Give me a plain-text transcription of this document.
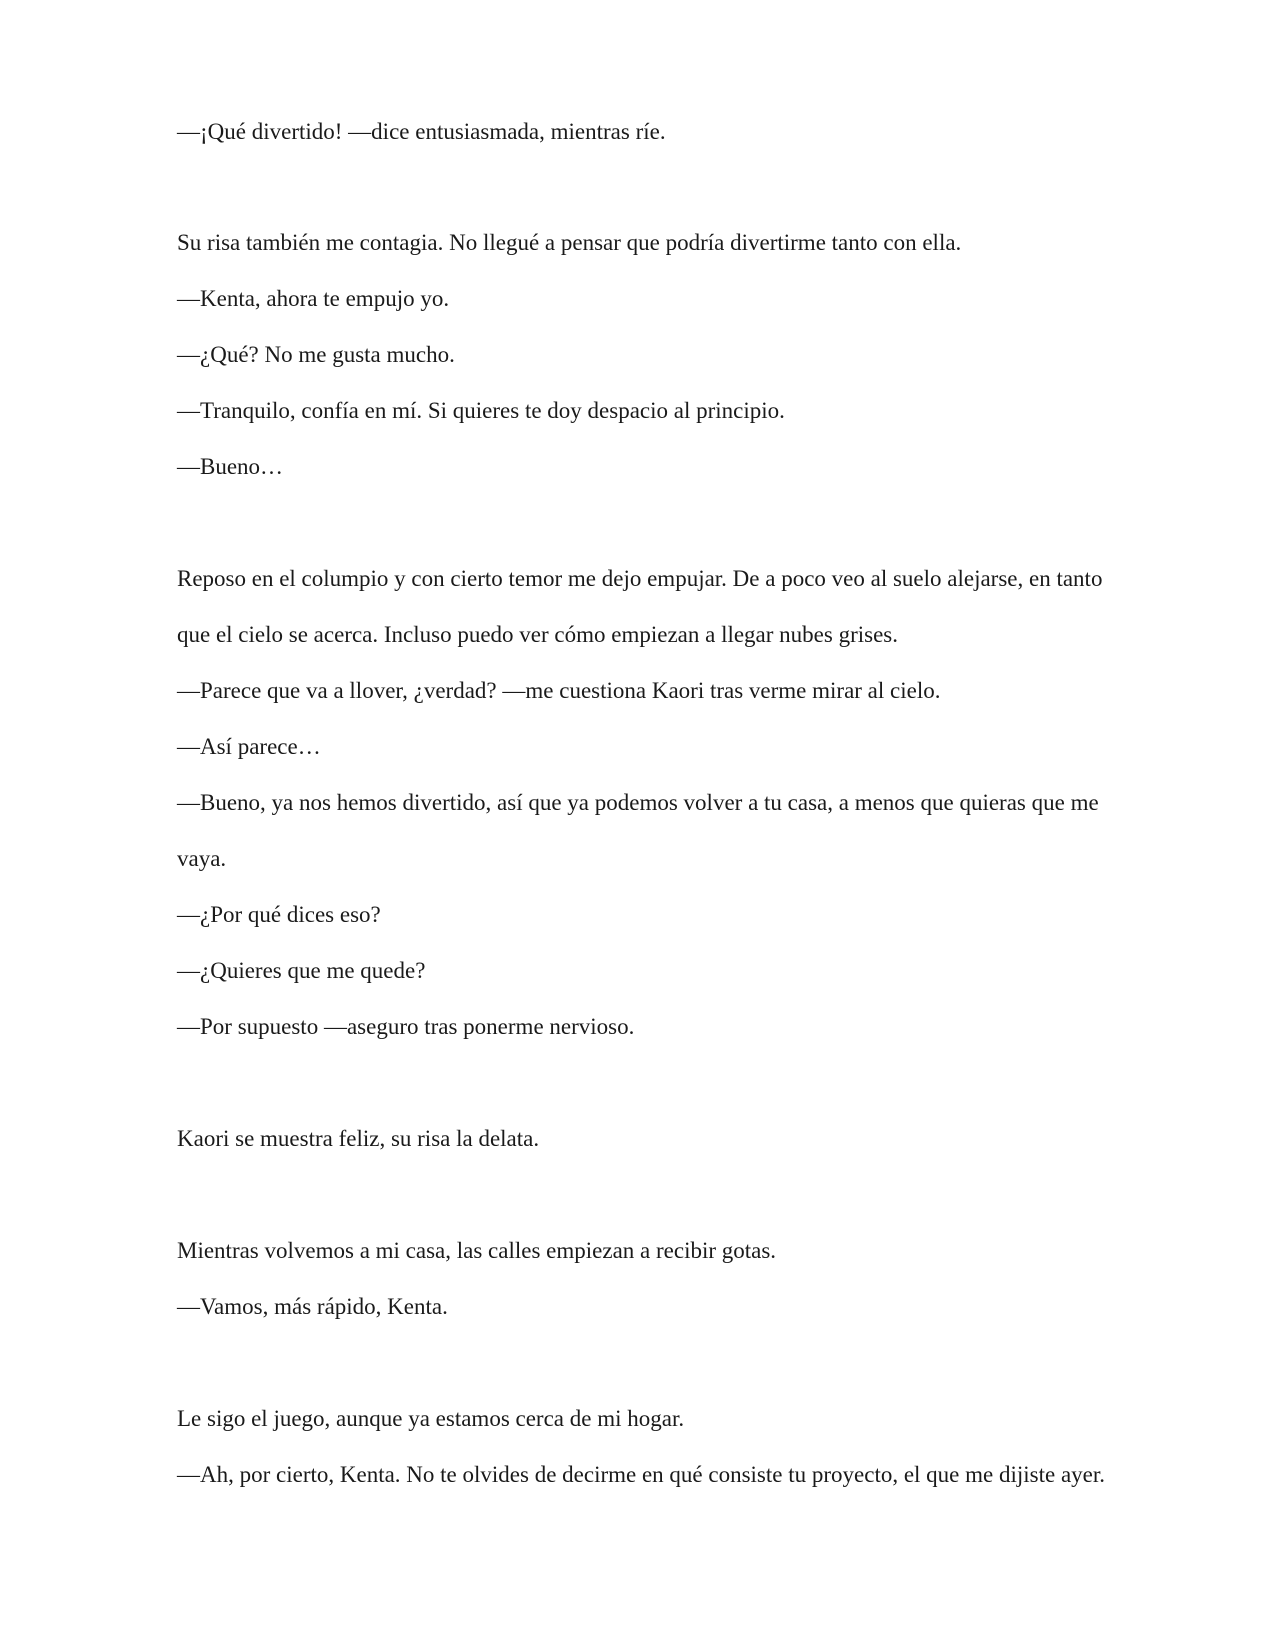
—¡Qué divertido! —dice entusiasmada, mientras ríe.

Su risa también me contagia. No llegué a pensar que podría divertirme tanto con ella.

—Kenta, ahora te empujo yo.

—¿Qué? No me gusta mucho.

—Tranquilo, confía en mí. Si quieres te doy despacio al principio.

—Bueno…

Reposo en el columpio y con cierto temor me dejo empujar. De a poco veo al suelo alejarse, en tanto

que el cielo se acerca. Incluso puedo ver cómo empiezan a llegar nubes grises.

—Parece que va a llover, ¿verdad? —me cuestiona Kaori tras verme mirar al cielo.

—Así parece…

—Bueno, ya nos hemos divertido, así que ya podemos volver a tu casa, a menos que quieras que me

vaya.

—¿Por qué dices eso?

—¿Quieres que me quede?

—Por supuesto —aseguro tras ponerme nervioso.

Kaori se muestra feliz, su risa la delata.

Mientras volvemos a mi casa, las calles empiezan a recibir gotas.

—Vamos, más rápido, Kenta.

Le sigo el juego, aunque ya estamos cerca de mi hogar.

—Ah, por cierto, Kenta. No te olvides de decirme en qué consiste tu proyecto, el que me dijiste ayer.
